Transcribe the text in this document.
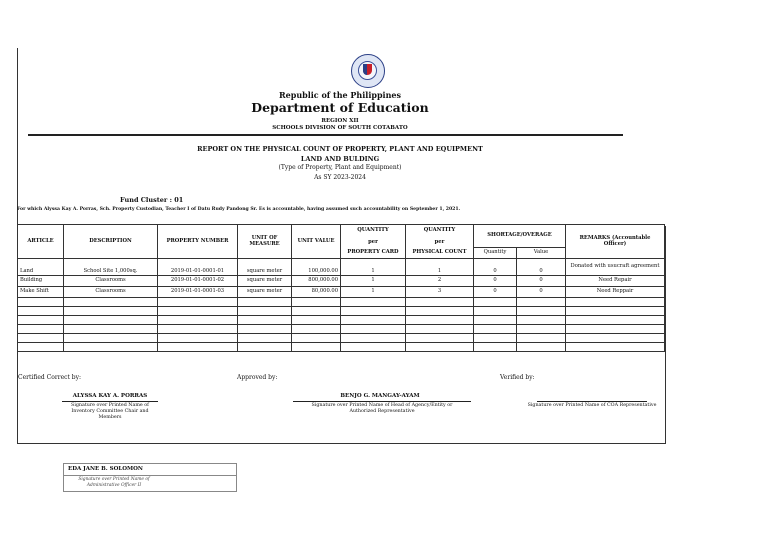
Republic of the Philippines
Department of Education
REGION XII
SCHOOLS DIVISION OF SOUTH COTABATO
REPORT ON THE PHYSICAL COUNT OF PROPERTY, PLANT AND EQUIPMENT
LAND AND BULDING
(Type of Property, Plant and Equipment)
As SY 2023-2024
Fund Cluster : 01
For which Alyssa Kay A. Porras, Sch. Property Custodian, Teacher I of Datu Rudy Pandong Sr. Es is accountable, having assumed such accountability on September 1, 2021.
ARTICLE	DESCRIPTION	PROPERTY NUMBER	UNIT OF MEASURE	UNIT VALUE	QUANTITY	QUANTITY	SHORTAGE/OVERAGE		REMARKS (Accountable Officer)
					per	per			
					PROPERTY CARD	PHYSICAL COUNT	Quantity	Value	
Land	School Site 1,000sq.	2019-01-01-0001-01	square meter	100,000.00	1	1	0	0	Donated with usucraft agreement
Building	Classrooms	2019-01-01-0001-02	square meter	800,000.00	1	2	0	0	Need Repair
Make Shift	Classrooms	2019-01-01-0001-03	square meter	80,000.00	1	3	0	0	Need Reppair

Certified Correct by:	Approved by:	Verified by:
ALYSSA KAY A. PORRAS
Signature over Printed Name of Inventory Committee Chair and Members
BENJO G. MANGAY-AYAM
Signature over Printed Name of Head of Agency/Entity or Authorized Representative
Signature over Printed Name of COA Representative
EDA JANE B. SOLOMON
Signature over Printed Name of Administrative Officer II
